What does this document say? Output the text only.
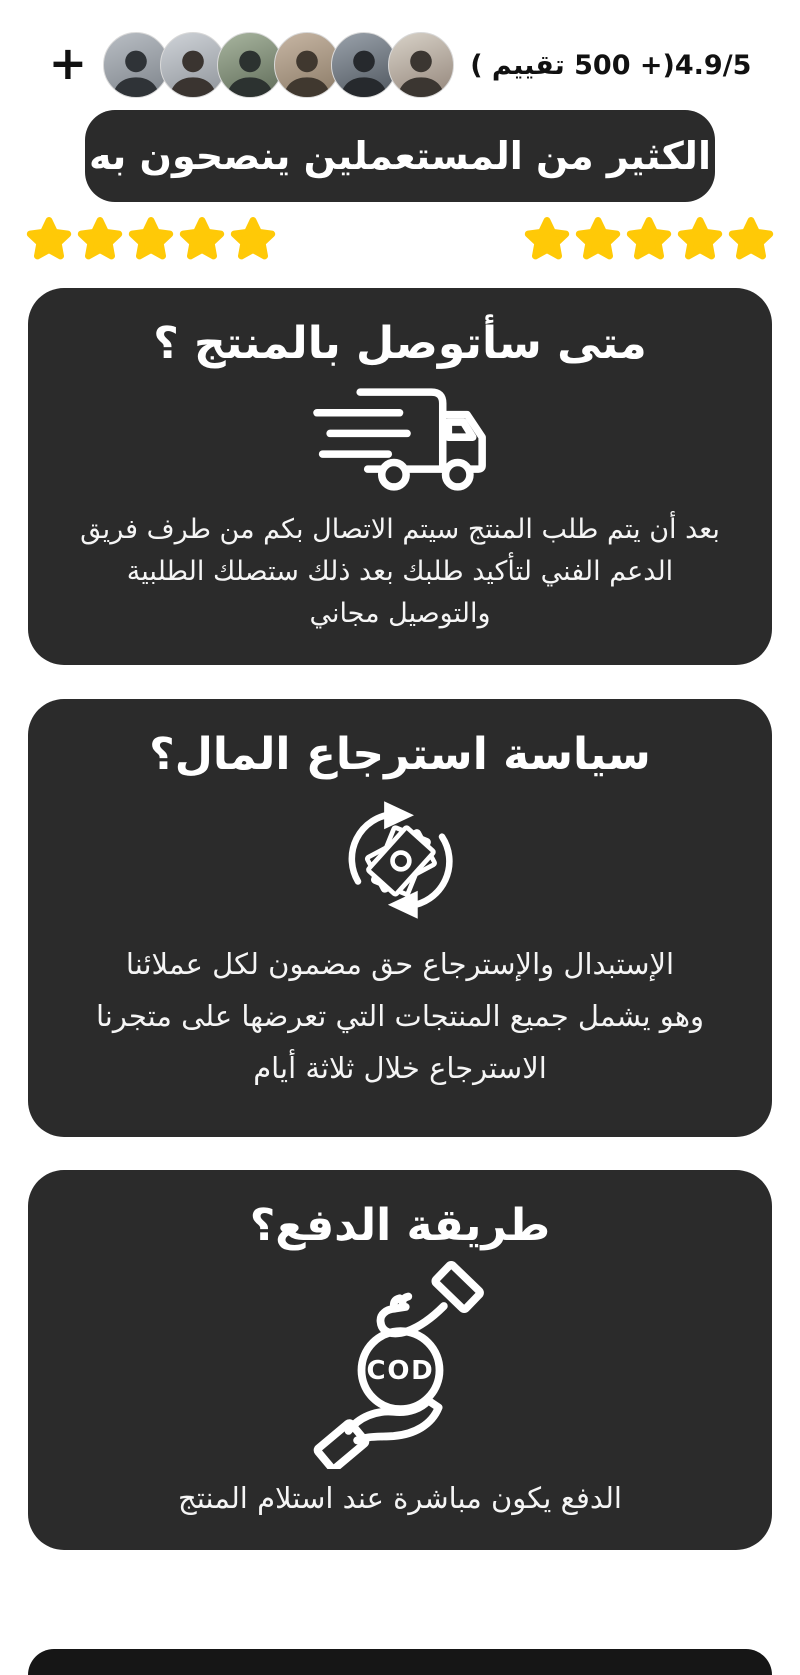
+	4.9/5(+ 500 تقييم )
الكثير من المستعملين ينصحون به
متى سأتوصل بالمنتج ؟
بعد أن يتم طلب المنتج سيتم الاتصال بكم من طرف فريق
الدعم الفني لتأكيد طلبك بعد ذلك ستصلك الطلبية
والتوصيل مجاني
سياسة استرجاع المال؟
الإستبدال والإسترجاع حق مضمون لكل عملائنا
وهو يشمل جميع المنتجات التي تعرضها على متجرنا
الاسترجاع خلال ثلاثة أيام
طريقة الدفع؟
COD
الدفع يكون مباشرة عند استلام المنتج
